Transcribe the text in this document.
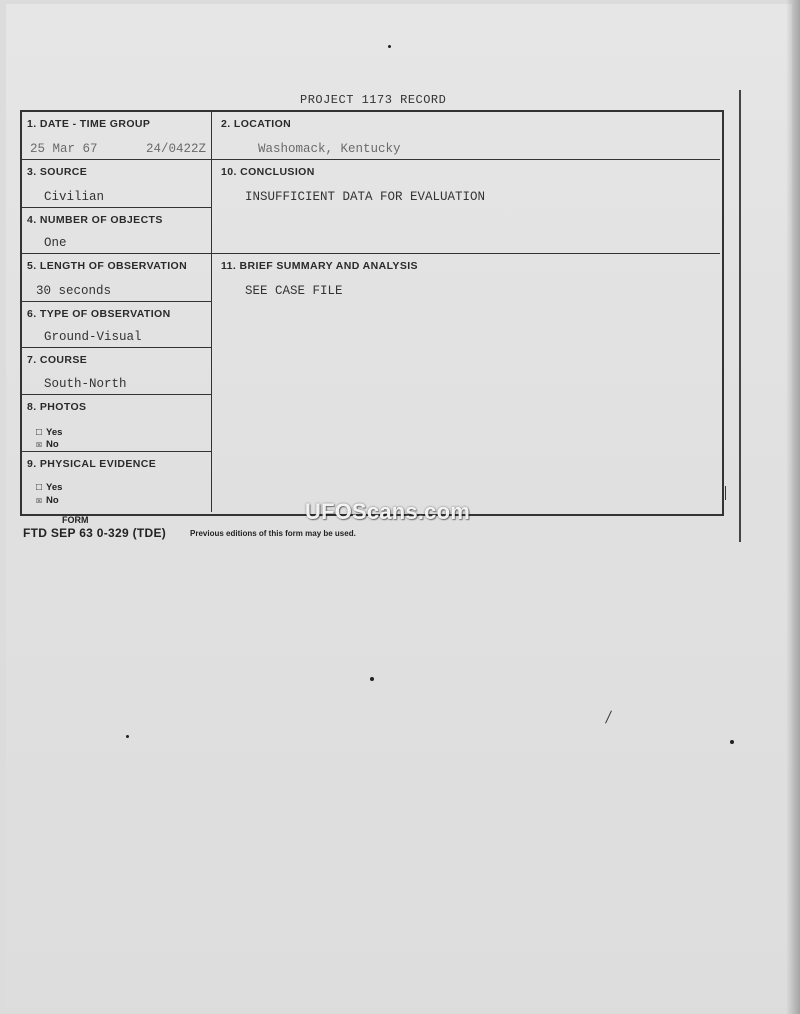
PROJECT 1173 RECORD
1. DATE - TIME GROUP
25 Mar 67	24/0422Z
2. LOCATION
Washomack, Kentucky
3. SOURCE
Civilian
4. NUMBER OF OBJECTS
One
5. LENGTH OF OBSERVATION
30 seconds
6. TYPE OF OBSERVATION
Ground-Visual
7. COURSE
South-North
8. PHOTOS
□ Yes
☒ No
9. PHYSICAL EVIDENCE
□ Yes
☒ No
10. CONCLUSION
INSUFFICIENT DATA FOR EVALUATION
11. BRIEF SUMMARY AND ANALYSIS
SEE CASE FILE
UFOScans.com
FORM
FTD SEP 63 0-329 (TDE)	Previous editions of this form may be used.
